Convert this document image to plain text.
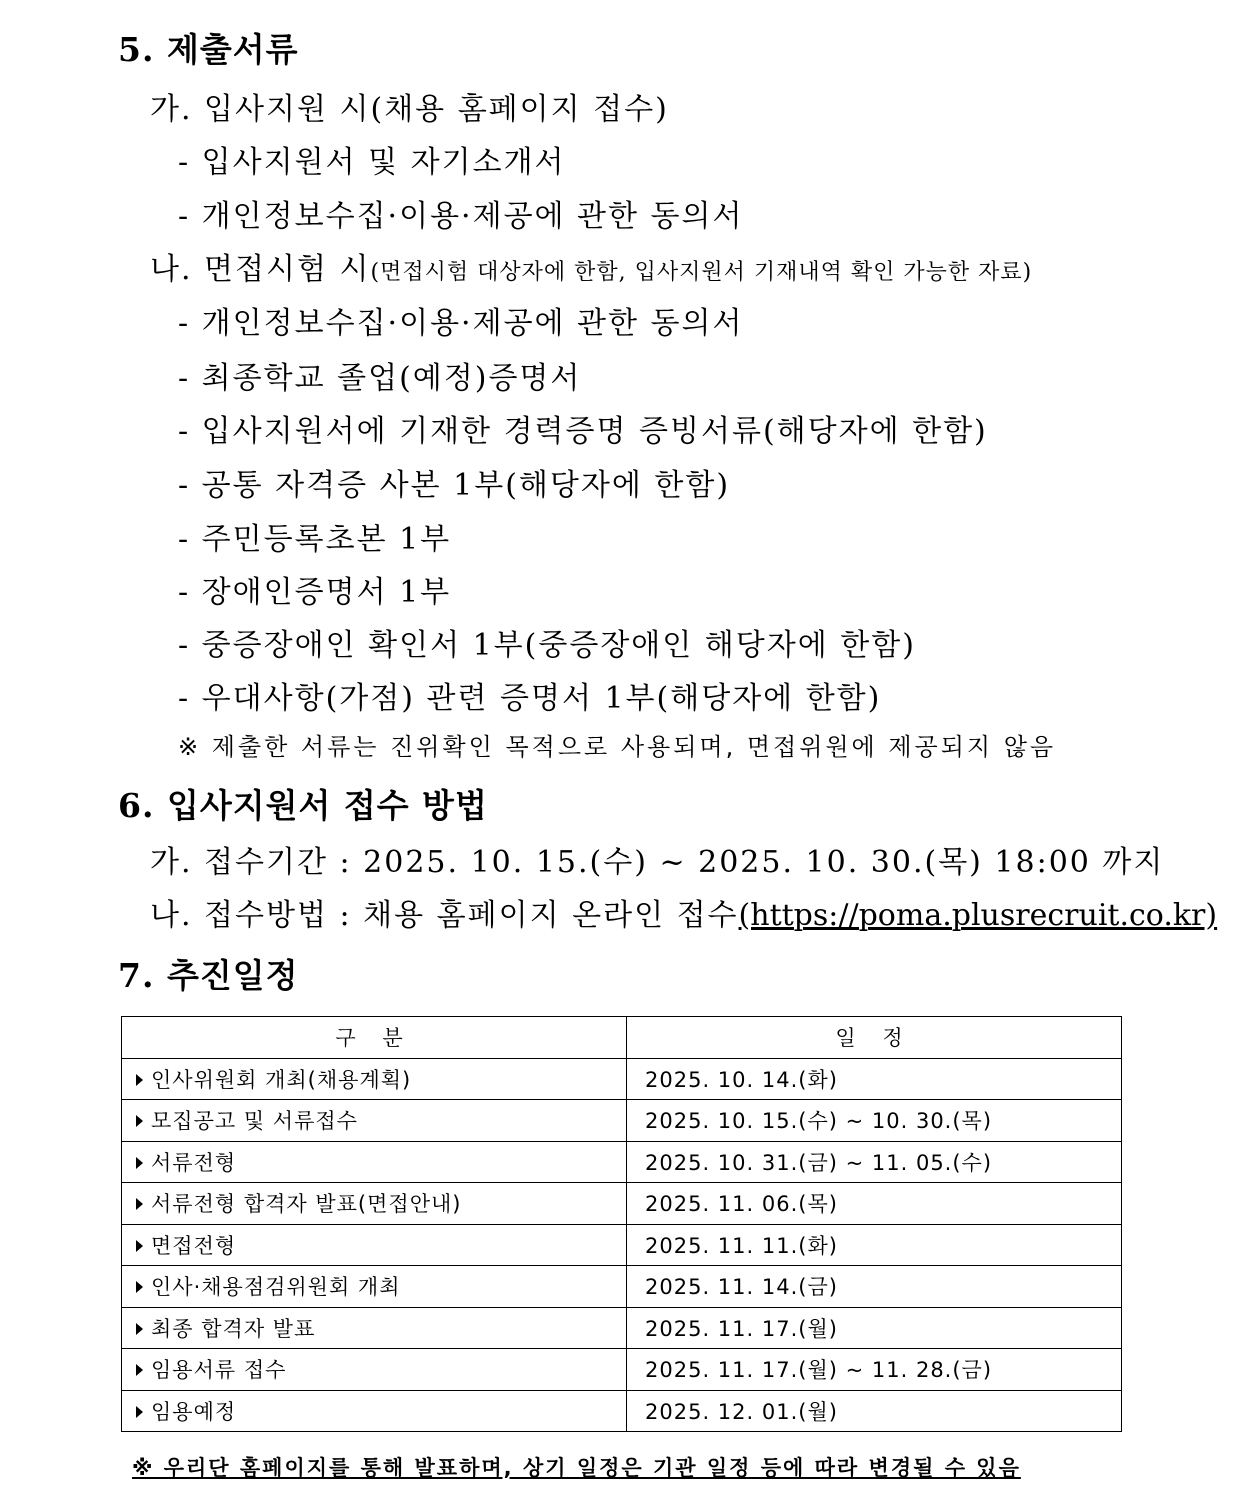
5. 제출서류
가. 입사지원 시(채용 홈페이지 접수)
- 입사지원서 및 자기소개서
- 개인정보수집·이용·제공에 관한 동의서
나. 면접시험 시(면접시험 대상자에 한함, 입사지원서 기재내역 확인 가능한 자료)
- 개인정보수집·이용·제공에 관한 동의서
- 최종학교 졸업(예정)증명서
- 입사지원서에 기재한 경력증명 증빙서류(해당자에 한함)
- 공통 자격증 사본 1부(해당자에 한함)
- 주민등록초본 1부
- 장애인증명서 1부
- 중증장애인 확인서 1부(중증장애인 해당자에 한함)
- 우대사항(가점) 관련 증명서 1부(해당자에 한함)
※ 제출한 서류는 진위확인 목적으로 사용되며, 면접위원에 제공되지 않음
6. 입사지원서 접수 방법
가. 접수기간 : 2025. 10. 15.(수) ~ 2025. 10. 30.(목) 18:00 까지
나. 접수방법 : 채용 홈페이지 온라인 접수(https://poma.plusrecruit.co.kr)
7. 추진일정
구 분	일 정
인사위원회 개최(채용계획)	2025. 10. 14.(화)
모집공고 및 서류접수	2025. 10. 15.(수) ~ 10. 30.(목)
서류전형	2025. 10. 31.(금) ~ 11. 05.(수)
서류전형 합격자 발표(면접안내)	2025. 11. 06.(목)
면접전형	2025. 11. 11.(화)
인사·채용점검위원회 개최	2025. 11. 14.(금)
최종 합격자 발표	2025. 11. 17.(월)
임용서류 접수	2025. 11. 17.(월) ~ 11. 28.(금)
임용예정	2025. 12. 01.(월)
※ 우리단 홈페이지를 통해 발표하며, 상기 일정은 기관 일정 등에 따라 변경될 수 있음
